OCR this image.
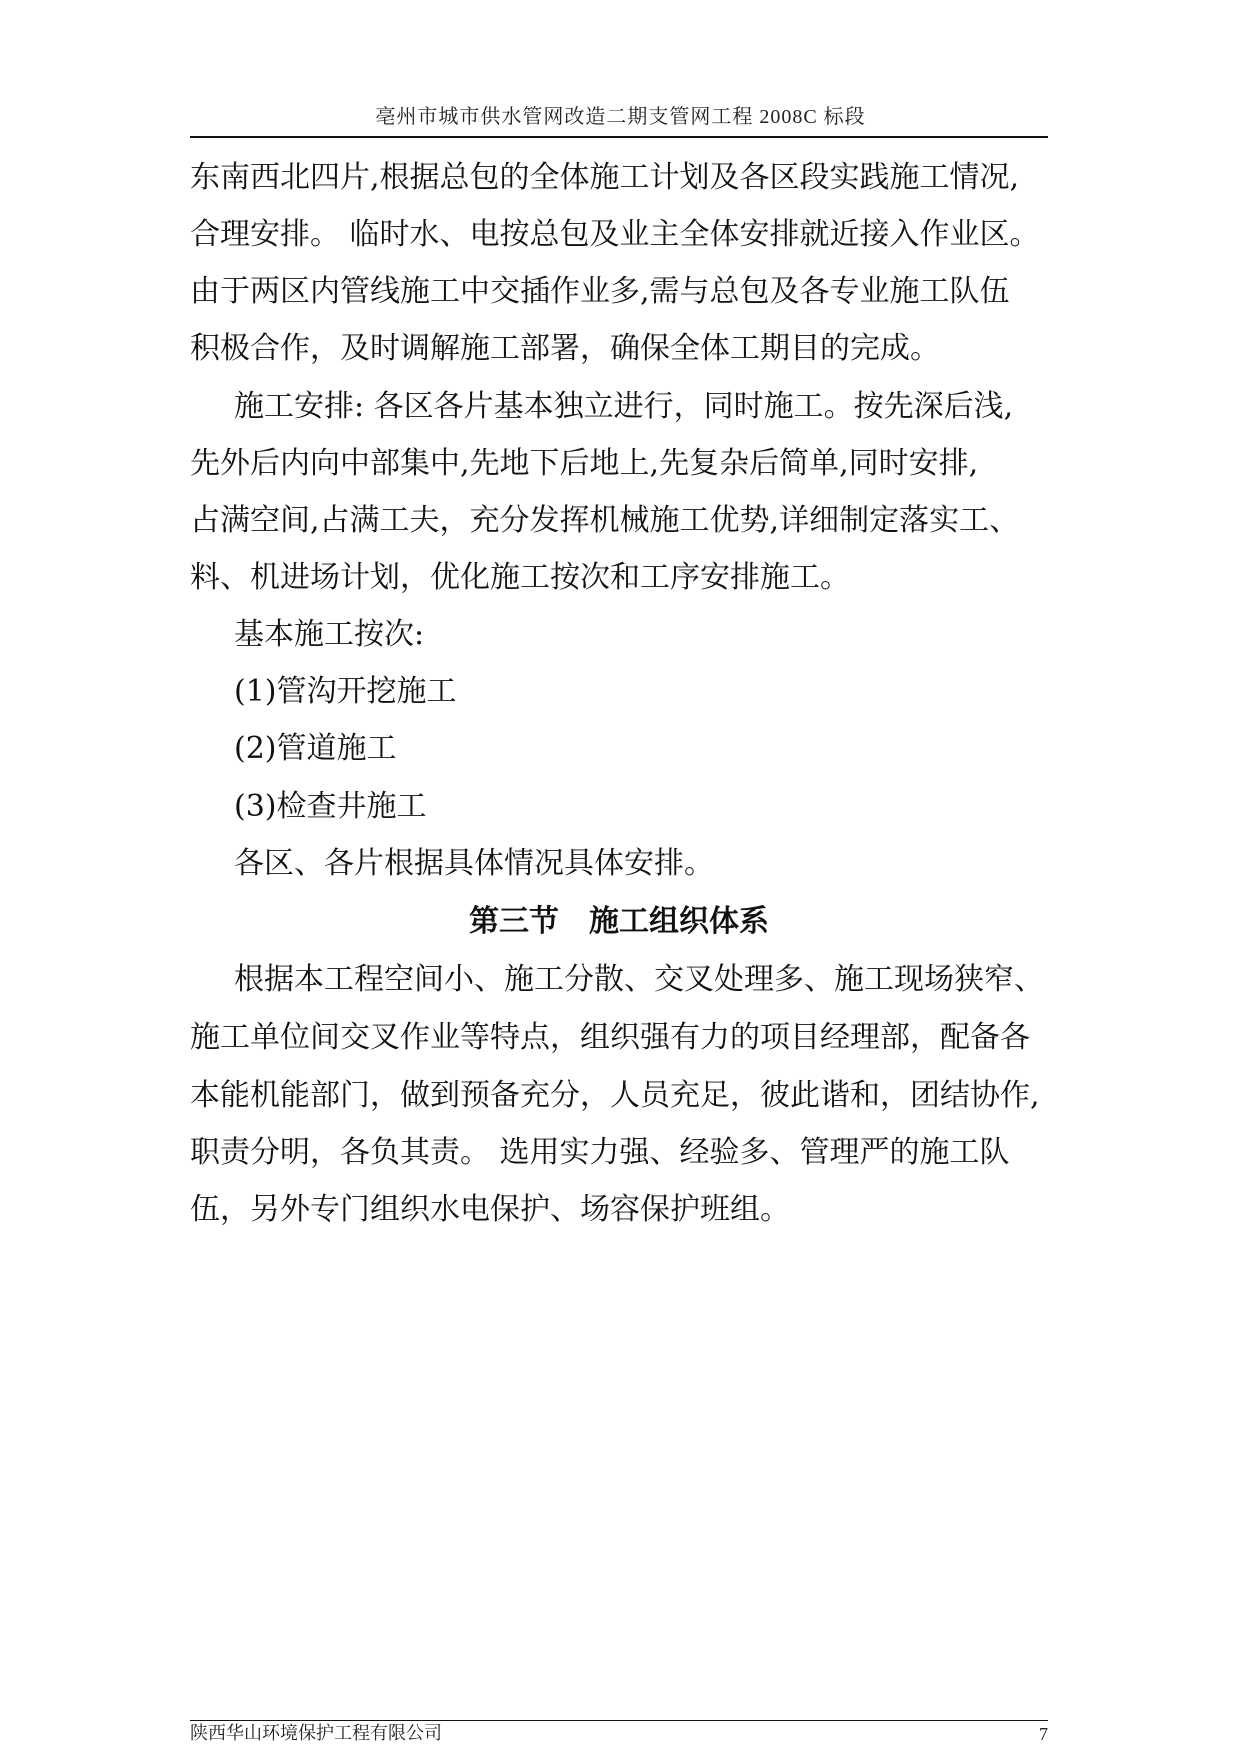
亳州市城市供水管网改造二期支管网工程 2008C 标段
东南西北四片,根据总包的全体施工计划及各区段实践施工情况,
合理安排。 临时水、电按总包及业主全体安排就近接入作业区。
由于两区内管线施工中交插作业多,需与总包及各专业施工队伍
积极合作，及时调解施工部署，确保全体工期目的完成。
施工安排: 各区各片基本独立进行，同时施工。按先深后浅,
先外后内向中部集中,先地下后地上,先复杂后简单,同时安排,
占满空间,占满工夫，充分发挥机械施工优势,详细制定落实工、
料、机进场计划，优化施工按次和工序安排施工。
基本施工按次:
(1)管沟开挖施工
(2)管道施工
(3)检查井施工
各区、各片根据具体情况具体安排。
第三节　施工组织体系
根据本工程空间小、施工分散、交叉处理多、施工现场狭窄、
施工单位间交叉作业等特点，组织强有力的项目经理部，配备各
本能机能部门，做到预备充分，人员充足，彼此谐和，团结协作,
职责分明，各负其责。 选用实力强、经验多、管理严的施工队
伍，另外专门组织水电保护、场容保护班组。
陕西华山环境保护工程有限公司	7
